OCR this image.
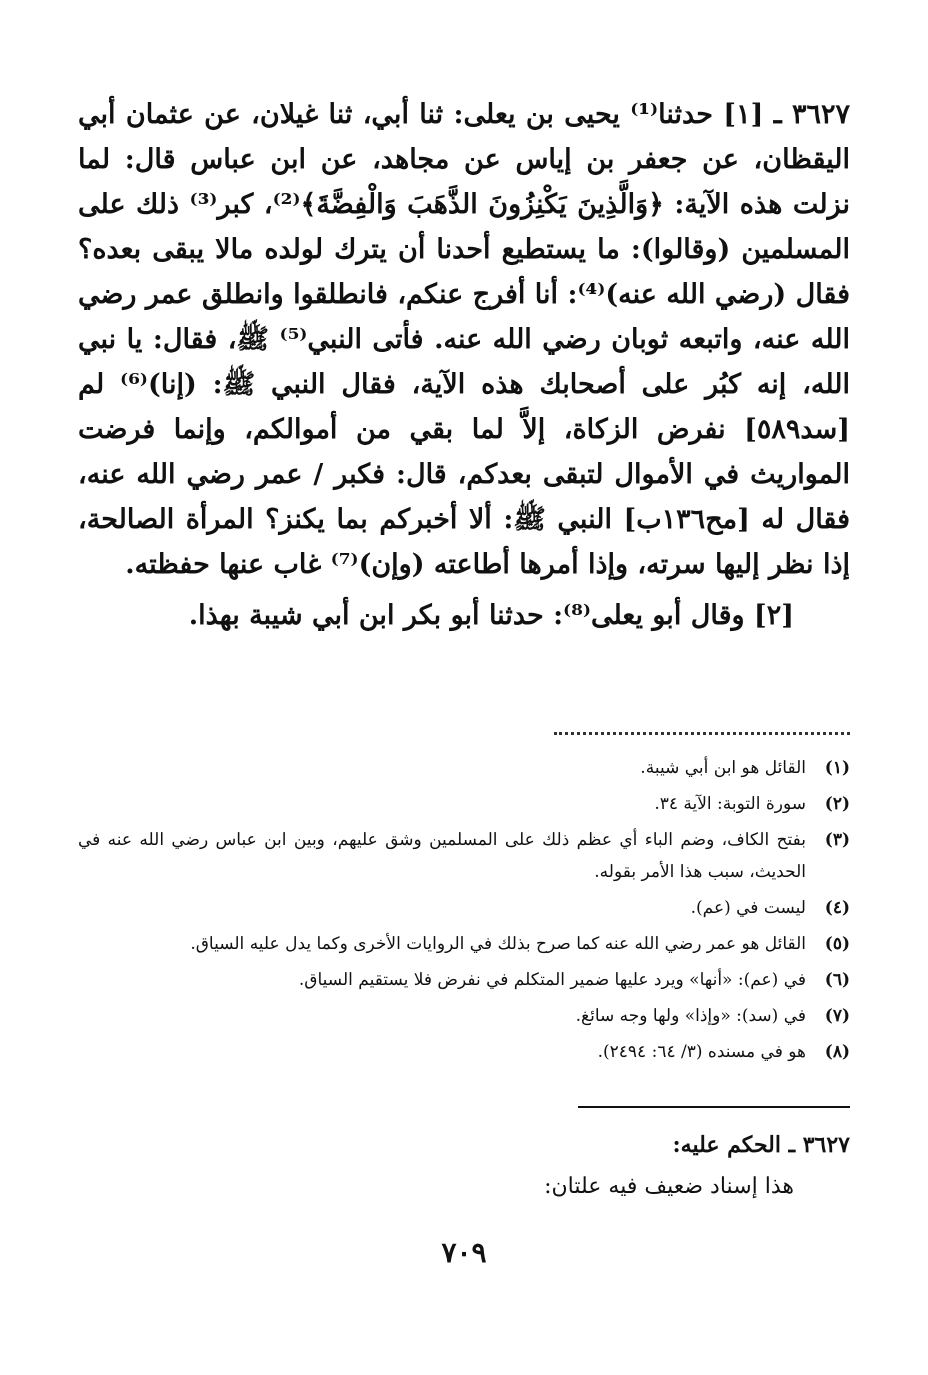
٣٦٢٧ ـ [١] حدثنا⁽¹⁾ يحيى بن يعلى: ثنا أبي، ثنا غيلان، عن عثمان أبي اليقظان، عن جعفر بن إياس عن مجاهد، عن ابن عباس قال: لما نزلت هذه الآية: ﴿وَالَّذِينَ يَكْنِزُونَ الذَّهَبَ وَالْفِضَّةَ﴾⁽²⁾، كبر⁽³⁾ ذلك على المسلمين (وقالوا): ما يستطيع أحدنا أن يترك لولده مالا يبقى بعده؟ فقال (رضي الله عنه)⁽⁴⁾: أنا أفرج عنكم، فانطلقوا وانطلق عمر رضي الله عنه، واتبعه ثوبان رضي الله عنه. فأتى النبي⁽⁵⁾ ﷺ، فقال: يا نبي الله، إنه كبُر على أصحابك هذه الآية، فقال النبي ﷺ: (إنا)⁽⁶⁾ لم [سد٥٨٩] نفرض الزكاة، إلاَّ لما بقي من أموالكم، وإنما فرضت المواريث في الأموال لتبقى بعدكم، قال: فكبر / عمر رضي الله عنه، فقال له [مح١٣٦ب] النبي ﷺ: ألا أخبركم بما يكنز؟ المرأة الصالحة، إذا نظر إليها سرته، وإذا أمرها أطاعته (وإن)⁽⁷⁾ غاب عنها حفظته.

[٢] وقال أبو يعلى⁽⁸⁾: حدثنا أبو بكر ابن أبي شيبة بهذا.

(١)
القائل هو ابن أبي شيبة.
(٢)
سورة التوبة: الآية ٣٤.
(٣)
بفتح الكاف، وضم الباء أي عظم ذلك على المسلمين وشق عليهم، وبين ابن عباس رضي الله عنه في الحديث، سبب هذا الأمر بقوله.
(٤)
ليست في (عم).
(٥)
القائل هو عمر رضي الله عنه كما صرح بذلك في الروايات الأخرى وكما يدل عليه السياق.
(٦)
في (عم): «أنها» ويرد عليها ضمير المتكلم في نفرض فلا يستقيم السياق.
(٧)
في (سد): «وإذا» ولها وجه سائغ.
(٨)
هو في مسنده (٣/ ٦٤: ٢٤٩٤).

٣٦٢٧ ـ الحكم عليه:

هذا إسناد ضعيف فيه علتان:

٧٠٩
